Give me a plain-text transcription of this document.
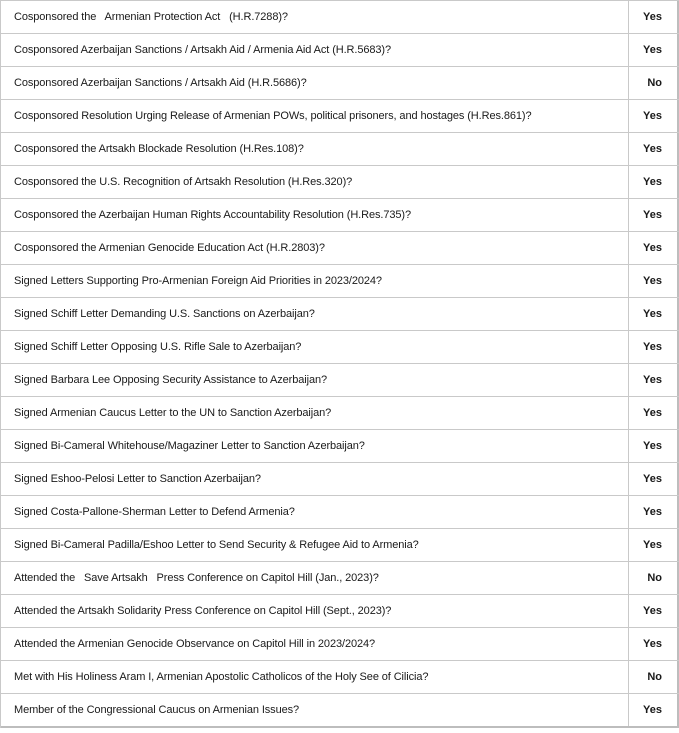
Cosponsored the   Armenian Protection Act   (H.R.7288)?	Yes
Cosponsored Azerbaijan Sanctions / Artsakh Aid / Armenia Aid Act (H.R.5683)?	Yes
Cosponsored Azerbaijan Sanctions / Artsakh Aid (H.R.5686)?	No
Cosponsored Resolution Urging Release of Armenian POWs, political prisoners, and hostages (H.Res.861)?	Yes
Cosponsored the Artsakh Blockade Resolution (H.Res.108)?	Yes
Cosponsored the U.S. Recognition of Artsakh Resolution (H.Res.320)?	Yes
Cosponsored the Azerbaijan Human Rights Accountability Resolution (H.Res.735)?	Yes
Cosponsored the Armenian Genocide Education Act (H.R.2803)?	Yes
Signed Letters Supporting Pro-Armenian Foreign Aid Priorities in 2023/2024?	Yes
Signed Schiff Letter Demanding U.S. Sanctions on Azerbaijan?	Yes
Signed Schiff Letter Opposing U.S. Rifle Sale to Azerbaijan?	Yes
Signed Barbara Lee Opposing Security Assistance to Azerbaijan?	Yes
Signed Armenian Caucus Letter to the UN to Sanction Azerbaijan?	Yes
Signed Bi-Cameral Whitehouse/Magaziner Letter to Sanction Azerbaijan?	Yes
Signed Eshoo-Pelosi Letter to Sanction Azerbaijan?	Yes
Signed Costa-Pallone-Sherman Letter to Defend Armenia?	Yes
Signed Bi-Cameral Padilla/Eshoo Letter to Send Security & Refugee Aid to Armenia?	Yes
Attended the   Save Artsakh   Press Conference on Capitol Hill (Jan., 2023)?	No
Attended the Artsakh Solidarity Press Conference on Capitol Hill (Sept., 2023)?	Yes
Attended the Armenian Genocide Observance on Capitol Hill in 2023/2024?	Yes
Met with His Holiness Aram I, Armenian Apostolic Catholicos of the Holy See of Cilicia?	No
Member of the Congressional Caucus on Armenian Issues?	Yes
